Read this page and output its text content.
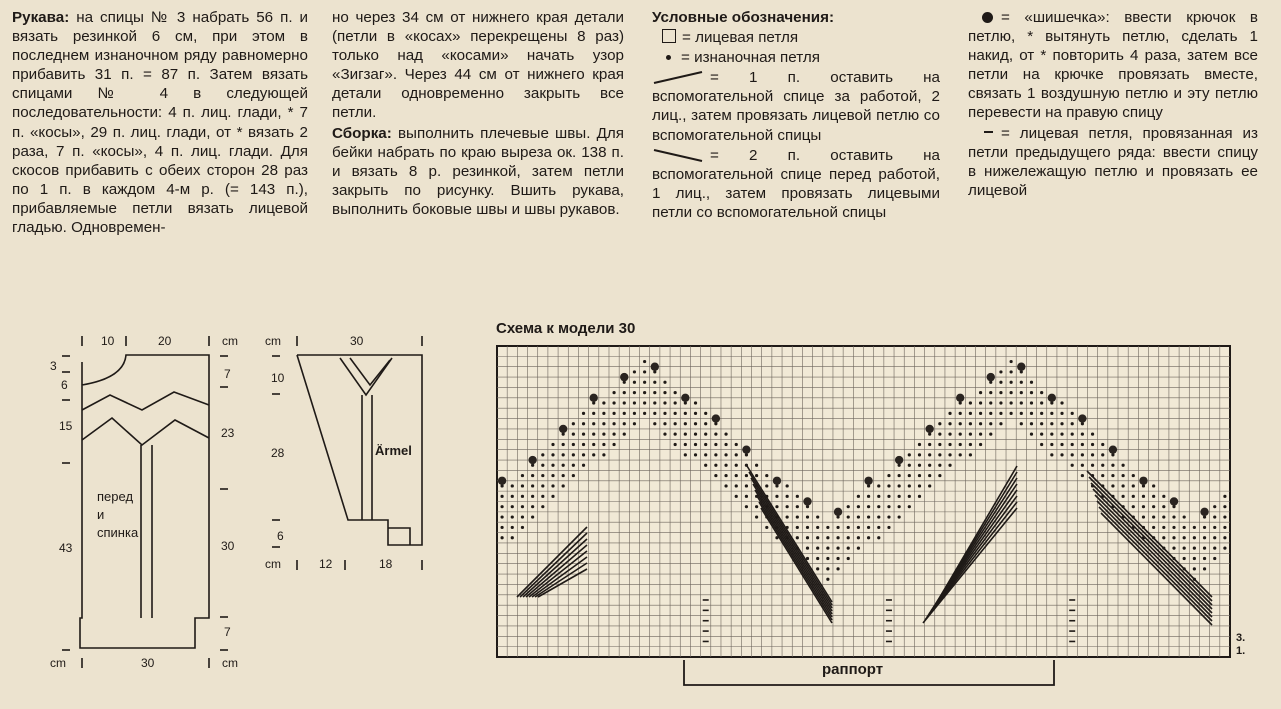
Рукава: на спицы № 3 набрать 56 п. и вязать резинкой 6 см, при этом в последнем изнаночном ряду равномерно прибавить 31 п. = 87 п. Затем вязать спицами № 4 в следующей последовательности: 4 п. лиц. глади, * 7 п. «косы», 29 п. лиц. глади, от * вязать 2 раза, 7 п. «косы», 4 п. лиц. глади. Для скосов прибавить с обеих сторон 28 раз по 1 п. в каждом 4-м р. (= 143 п.), прибавляемые петли вязать лицевой гладью. Одновремен-

но через 34 см от нижнего края детали (петли в «косах» перекрещены 8 раз) только над «косами» начать узор «Зигзаг». Через 44 см от нижнего края детали одновременно закрыть все петли.

Сборка: выполнить плечевые швы. Для бейки набрать по краю выреза ок. 138 п. и вязать 8 р. резинкой, затем петли закрыть по рисунку. Вшить рукава, выполнить боковые швы и швы рукавов.

Условные обозначения:

= лицевая петля

= изнаночная петля

= 1 п. оставить на вспомогательной спице за работой, 2 лиц., затем провязать лицевой петлю со вспомогательной спицы

= 2 п. оставить на вспомогательной спице перед работой, 1 лиц., затем провязать лицевыми петли со вспомогательной спицы

= «шишечка»: ввести крючок в петлю, * вытянуть петлю, сделать 1 накид, от * повторить 4 раза, затем все петли на крючке провязать вместе, связать 1 воздушную петлю и эту петлю перевести на правую спицу

= лицевая петля, провязанная из петли предыдущего ряда: ввести спицу в нижележащую петлю и провязать ее лицевой

10	20	cm
3
6
15
43
7
23
30
7
cm	30	cm
перед
и
спинка
cm	30
10
28
6
cm	12	18
Ärmel
3.
1.
Схема к модели 30
раппорт
